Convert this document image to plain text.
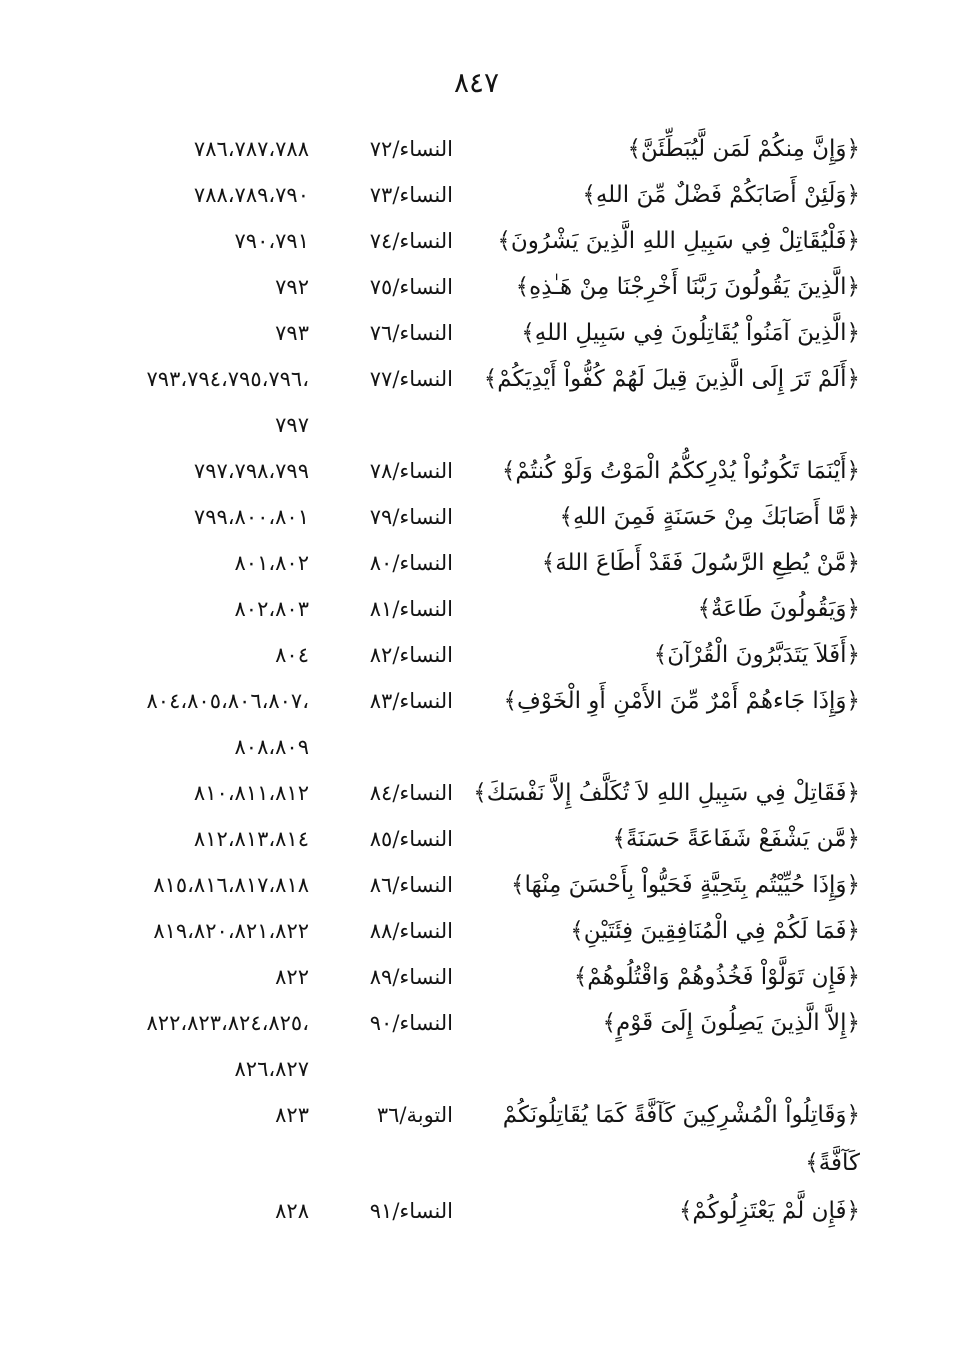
٨٤٧
﴿وَإِنَّ مِنكُمْ لَمَن لَّيُبَطِّئَنَّ﴾
النساء/٧٢
٧٨٦،٧٨٧،٧٨٨
﴿وَلَئِنْ أَصَابَكُمْ فَضْلٌ مِّنَ اللهِ﴾
النساء/٧٣
٧٨٨،٧٨٩،٧٩٠
﴿فَلْيُقَاتِلْ فِي سَبِيلِ اللهِ الَّذِينَ يَشْرُونَ﴾
النساء/٧٤
٧٩٠،٧٩١
﴿الَّذِينَ يَقُولُونَ رَبَّنَا أَخْرِجْنَا مِنْ هَـٰذِهِ﴾
النساء/٧٥
٧٩٢
﴿الَّذِينَ آمَنُواْ يُقَاتِلُونَ فِي سَبِيلِ اللهِ﴾
النساء/٧٦
٧٩٣
﴿أَلَمْ تَرَ إِلَى الَّذِينَ قِيلَ لَهُمْ كُفُّواْ أَيْدِيَكُمْ﴾
النساء/٧٧
٧٩٣،٧٩٤،٧٩٥،٧٩٦،
٧٩٧
﴿أَيْنَمَا تَكُونُواْ يُدْرِككُّمُ الْمَوْتُ وَلَوْ كُنتُمْ﴾
النساء/٧٨
٧٩٧،٧٩٨،٧٩٩
﴿مَّا أَصَابَكَ مِنْ حَسَنَةٍ فَمِنَ اللهِ﴾
النساء/٧٩
٧٩٩،٨٠٠،٨٠١
﴿مَّنْ يُطِعِ الرَّسُولَ فَقَدْ أَطَاعَ اللهَ﴾
النساء/٨٠
٨٠١،٨٠٢
﴿وَيَقُولُونَ طَاعَةٌ﴾
النساء/٨١
٨٠٢،٨٠٣
﴿أَفَلاَ يَتَدَبَّرُونَ الْقُرْآنَ﴾
النساء/٨٢
٨٠٤
﴿وَإِذَا جَاءهُمْ أَمْرٌ مِّنَ الأَمْنِ أَوِ الْخَوْفِ﴾
النساء/٨٣
٨٠٤،٨٠٥،٨٠٦،٨٠٧،
٨٠٨،٨٠٩
﴿فَقَاتِلْ فِي سَبِيلِ اللهِ لاَ تُكَلَّفُ إِلاَّ نَفْسَكَ﴾
النساء/٨٤
٨١٠،٨١١،٨١٢
﴿مَّن يَشْفَعْ شَفَاعَةً حَسَنَةً﴾
النساء/٨٥
٨١٢،٨١٣،٨١٤
﴿وَإِذَا حُيِّيْتُم بِتَحِيَّةٍ فَحَيُّواْ بِأَحْسَنَ مِنْهَا﴾
النساء/٨٦
٨١٥،٨١٦،٨١٧،٨١٨
﴿فَمَا لَكُمْ فِي الْمُنَافِقِينَ فِئَتَيْنِ﴾
النساء/٨٨
٨١٩،٨٢٠،٨٢١،٨٢٢
﴿فَإِن تَوَلَّوْاْ فَخُذُوهُمْ وَاقْتُلُوهُمْ﴾
النساء/٨٩
٨٢٢
﴿إِلاَّ الَّذِينَ يَصِلُونَ إِلَىَ قَوْمٍ﴾
النساء/٩٠
٨٢٢،٨٢٣،٨٢٤،٨٢٥،
٨٢٦،٨٢٧
﴿وَقَاتِلُواْ الْمُشْرِكِينَ كَآفَّةً كَمَا يُقَاتِلُونَكُمْ
التوبة/٣٦
٨٢٣
كَآفَّةً﴾
﴿فَإِن لَّمْ يَعْتَزِلُوكُمْ﴾
النساء/٩١
٨٢٨
